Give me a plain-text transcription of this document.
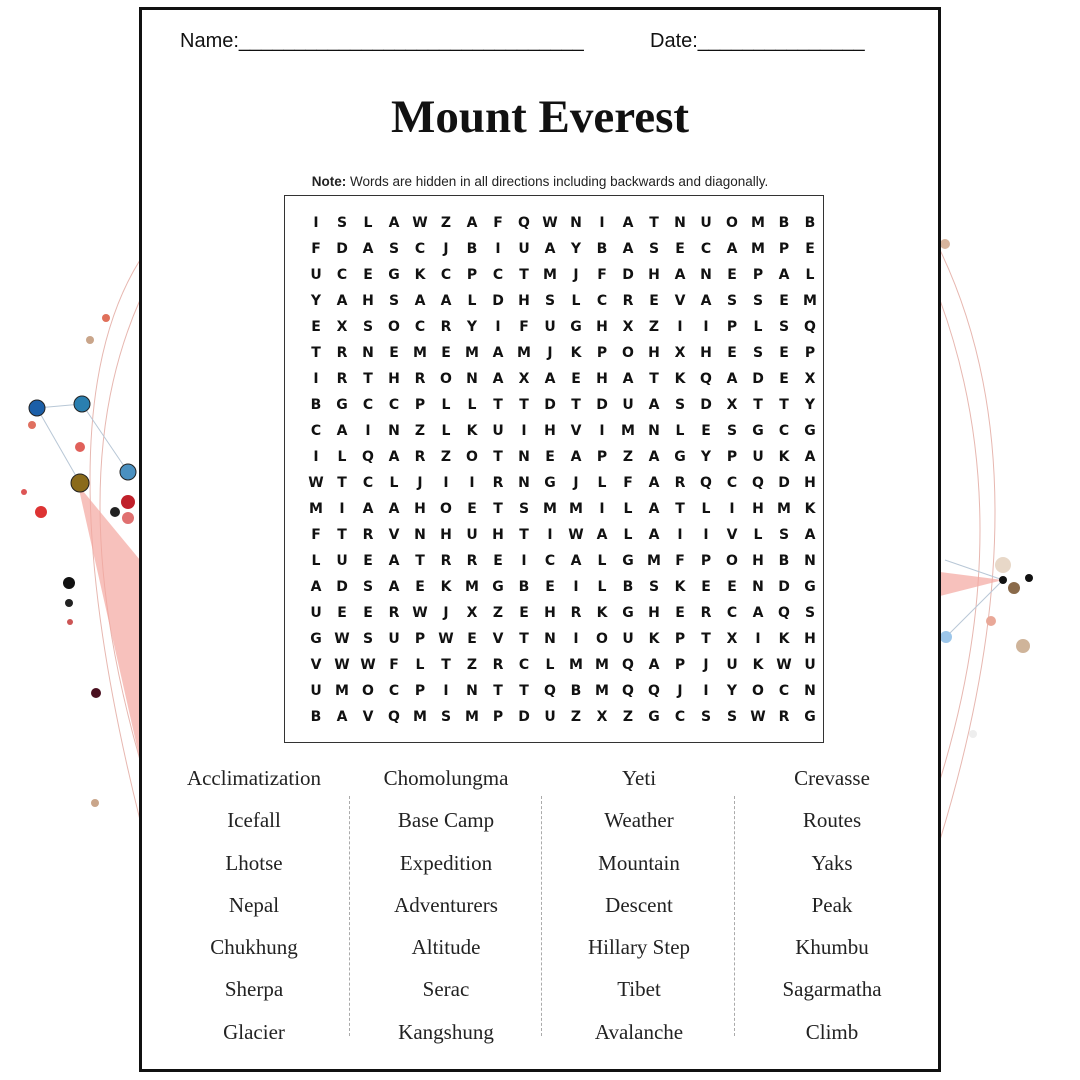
Name:_______________________________	Date:_______________
Mount Everest
Note: Words are hidden in all directions including backwards and diagonally.
I	S	L	A W Z	A	F	Q W N	I	A	T	N	U	O M B	B
F	D	A	S	C	J	B	I	U	A	Y	B	A	S	E	C	A M P	E
U	C	E	G	K	C	P	C	T	M	J	F	D	H	A	N	E	P	A	L
Y	A	H	S	A	A	L	D	H	S	L	C	R	E	V	A	S	S	E	M
E	X	S	O	C	R	Y	I	F	U	G	H	X	Z	I	I	P	L	S	Q
T	R	N	E	M	E	M A M	J	K	P	O	H	X	H	E	S	E	P
I	R	T	H	R	O	N	A	X	A	E	H	A	T	K	Q	A	D	E	X
B	G	C	C	P	L	L	T	T	D	T	D	U	A	S	D	X	T	T	Y
C	A	I	N	Z	L	K	U	I	H	V	I	M N	L	E	S	G	C	G
I	L	Q	A	R	Z	O	T	N	E	A	P	Z	A	G	Y	P	U	K	A
W T	C	L	J	I	I	R	N	G	J	L	F	A	R	Q	C	Q	D	H
M	I	A	A	H	O	E	T	S M M	I	L	A	T	L	I	H M K
F	T	R	V	N	H	U	H	T	I	W A	L	A	I	I	V	L	S	A
L	U	E	A	T	R	R	E	I	C	A	L	G M	F	P	O	H	B	N
A	D	S	A	E	K M G	B	E	I	L	B	S	K	E	E	N	D	G
U	E	E	R W	J	X	Z	E	H	R	K	G	H	E	R	C	A	Q	S
G W S	U	P W E	V	T	N	I	O	U	K	P	T	X	I	K	H
V W W F	L	T	Z	R	C	L	M M Q	A	P	J	U	K W U
U M O	C	P	I	N	T	T	Q	B M Q	Q	J	I	Y	O	C	N
B	A	V	Q M S M P	D	U	Z	X	Z	G	C	S	S W R	G
Acclimatization
Icefall
Lhotse
Nepal
Chukhung
Sherpa
Glacier
Chomolungma
Base Camp
Expedition
Adventurers
Altitude
Serac
Kangshung
Yeti
Weather
Mountain
Descent
Hillary Step
Tibet
Avalanche
Crevasse
Routes
Yaks
Peak
Khumbu
Sagarmatha
Climb
